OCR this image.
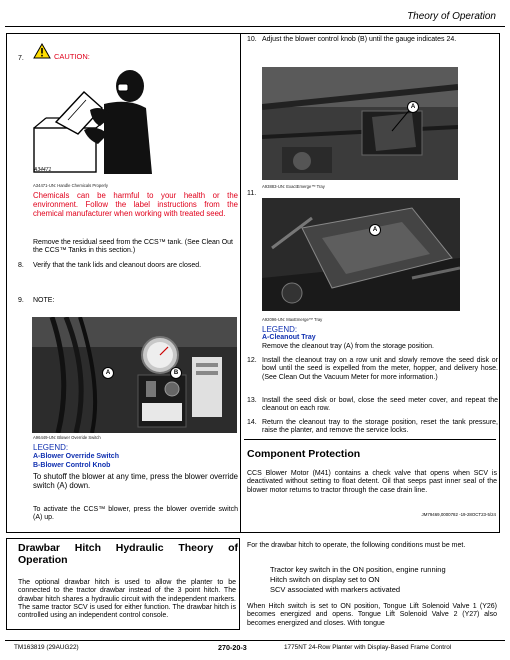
Theory of Operation
7.	CAUTION:
A34471
A34471-UN: Handle Chemicals Properly
Chemicals can be harmful to your health or the environment. Follow the label instructions from the chemical manufacturer when working with treated seed.
Remove the residual seed from the CCS™ tank. (See Clean Out the CCS™ Tanks in this section.)
8. Verify that the tank lids and cleanout doors are closed.
9. NOTE:
A	B
A96449-UN: Blower Override Switch
LEGEND:
A-Blower Override Switch
B-Blower Control Knob
To shutoff the blower at any time, press the blower override switch (A) down.
To activate the CCS™ blower, press the blower override switch (A) up.
10. Adjust the blower control knob (B) until the gauge indicates 24.
A
A93883-UN: ExactEmerge™ Tray
11.
A
A92096-UN: MaxEmerge™ Tray
LEGEND:
A-Cleanout Tray
Remove the cleanout tray (A) from the storage position.
12. Install the cleanout tray on a row unit and slowly remove the seed disk or bowl until the seed is expelled from the meter, hopper, and delivery hose. (See Clean Out the Vacuum Meter for more information.)
13. Install the seed disk or bowl, close the seed meter cover, and repeat the cleanout on each row.
14. Return the cleanout tray to the storage position, reset the tank pressure, raise the planter, and remove the service locks.
Component Protection
CCS Blower Motor (M41) contains a check valve that opens when SCV is deactivated without setting to float detent. Oil that seeps past inner seal of the blower motor returns to tractor through the case drain line.
JM79469,0000782 -19-28OCT23-5/24
Drawbar Hitch Hydraulic Theory of Operation
The optional drawbar hitch is used to allow the planter to be connected to the tractor drawbar instead of the 3 point hitch. The drawbar hitch shares a hydraulic circuit with the independent markers. The same tractor SCV is used for either function. The drawbar hitch is controlled using an independent control console.
For the drawbar hitch to operate, the following conditions must be met.
Tractor key switch in the ON position, engine running
Hitch switch on display set to ON
SCV associated with markers activated
When Hitch switch is set to ON position, Tongue Lift Solenoid Valve 1 (Y26) becomes energized and opens. Tongue Lift Solenoid Valve 2 (Y27) also becomes energized and closes. With tongue
TM163819 (29AUG22)	270-20-3	1775NT 24-Row Planter with Display-Based Frame Control
